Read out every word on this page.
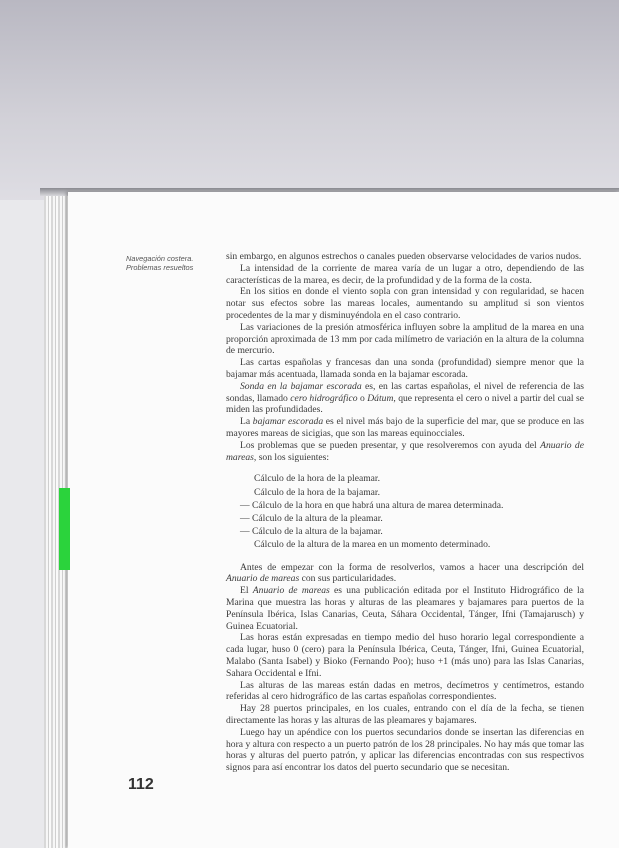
Navegación costera.
Problemas resueltos

sin embargo, en algunos estrechos o canales pueden observarse velocidades de varios nudos.

La intensidad de la corriente de marea varía de un lugar a otro, dependiendo de las características de la marea, es decir, de la profundidad y de la forma de la costa.

En los sitios en donde el viento sopla con gran intensidad y con regularidad, se hacen notar sus efectos sobre las mareas locales, aumentando su amplitud si son vientos procedentes de la mar y disminuyéndola en el caso contrario.

Las variaciones de la presión atmosférica influyen sobre la amplitud de la marea en una proporción aproximada de 13 mm por cada milímetro de variación en la altura de la columna de mercurio.

Las cartas españolas y francesas dan una sonda (profundidad) siempre menor que la bajamar más acentuada, llamada sonda en la bajamar escorada.

Sonda en la bajamar escorada es, en las cartas españolas, el nivel de referencia de las sondas, llamado cero hidrográfico o Dátum, que representa el cero o nivel a partir del cual se miden las profundidades.

La bajamar escorada es el nivel más bajo de la superficie del mar, que se produce en las mayores mareas de sicigias, que son las mareas equinocciales.

Los problemas que se pueden presentar, y que resolveremos con ayuda del Anuario de mareas, son los siguientes:

Cálculo de la hora de la pleamar.
Cálculo de la hora de la bajamar.
— Cálculo de la hora en que habrá una altura de marea determinada.
— Cálculo de la altura de la pleamar.
— Cálculo de la altura de la bajamar.
Cálculo de la altura de la marea en un momento determinado.

Antes de empezar con la forma de resolverlos, vamos a hacer una descripción del Anuario de mareas con sus particularidades.

El Anuario de mareas es una publicación editada por el Instituto Hidrográfico de la Marina que muestra las horas y alturas de las pleamares y bajamares para puertos de la Península Ibérica, Islas Canarias, Ceuta, Sáhara Occidental, Tánger, Ifni (Tamajarusch) y Guinea Ecuatorial.

Las horas están expresadas en tiempo medio del huso horario legal correspondiente a cada lugar, huso 0 (cero) para la Península Ibérica, Ceuta, Tánger, Ifni, Guinea Ecuatorial, Malabo (Santa Isabel) y Bioko (Fernando Poo); huso +1 (más uno) para las Islas Canarias, Sahara Occidental e Ifni.

Las alturas de las mareas están dadas en metros, decímetros y centímetros, estando referidas al cero hidrográfico de las cartas españolas correspondientes.

Hay 28 puertos principales, en los cuales, entrando con el día de la fecha, se tienen directamente las horas y las alturas de las pleamares y bajamares.

Luego hay un apéndice con los puertos secundarios donde se insertan las diferencias en hora y altura con respecto a un puerto patrón de los 28 principales. No hay más que tomar las horas y alturas del puerto patrón, y aplicar las diferencias encontradas con sus respectivos signos para así encontrar los datos del puerto secundario que se necesitan.

112
